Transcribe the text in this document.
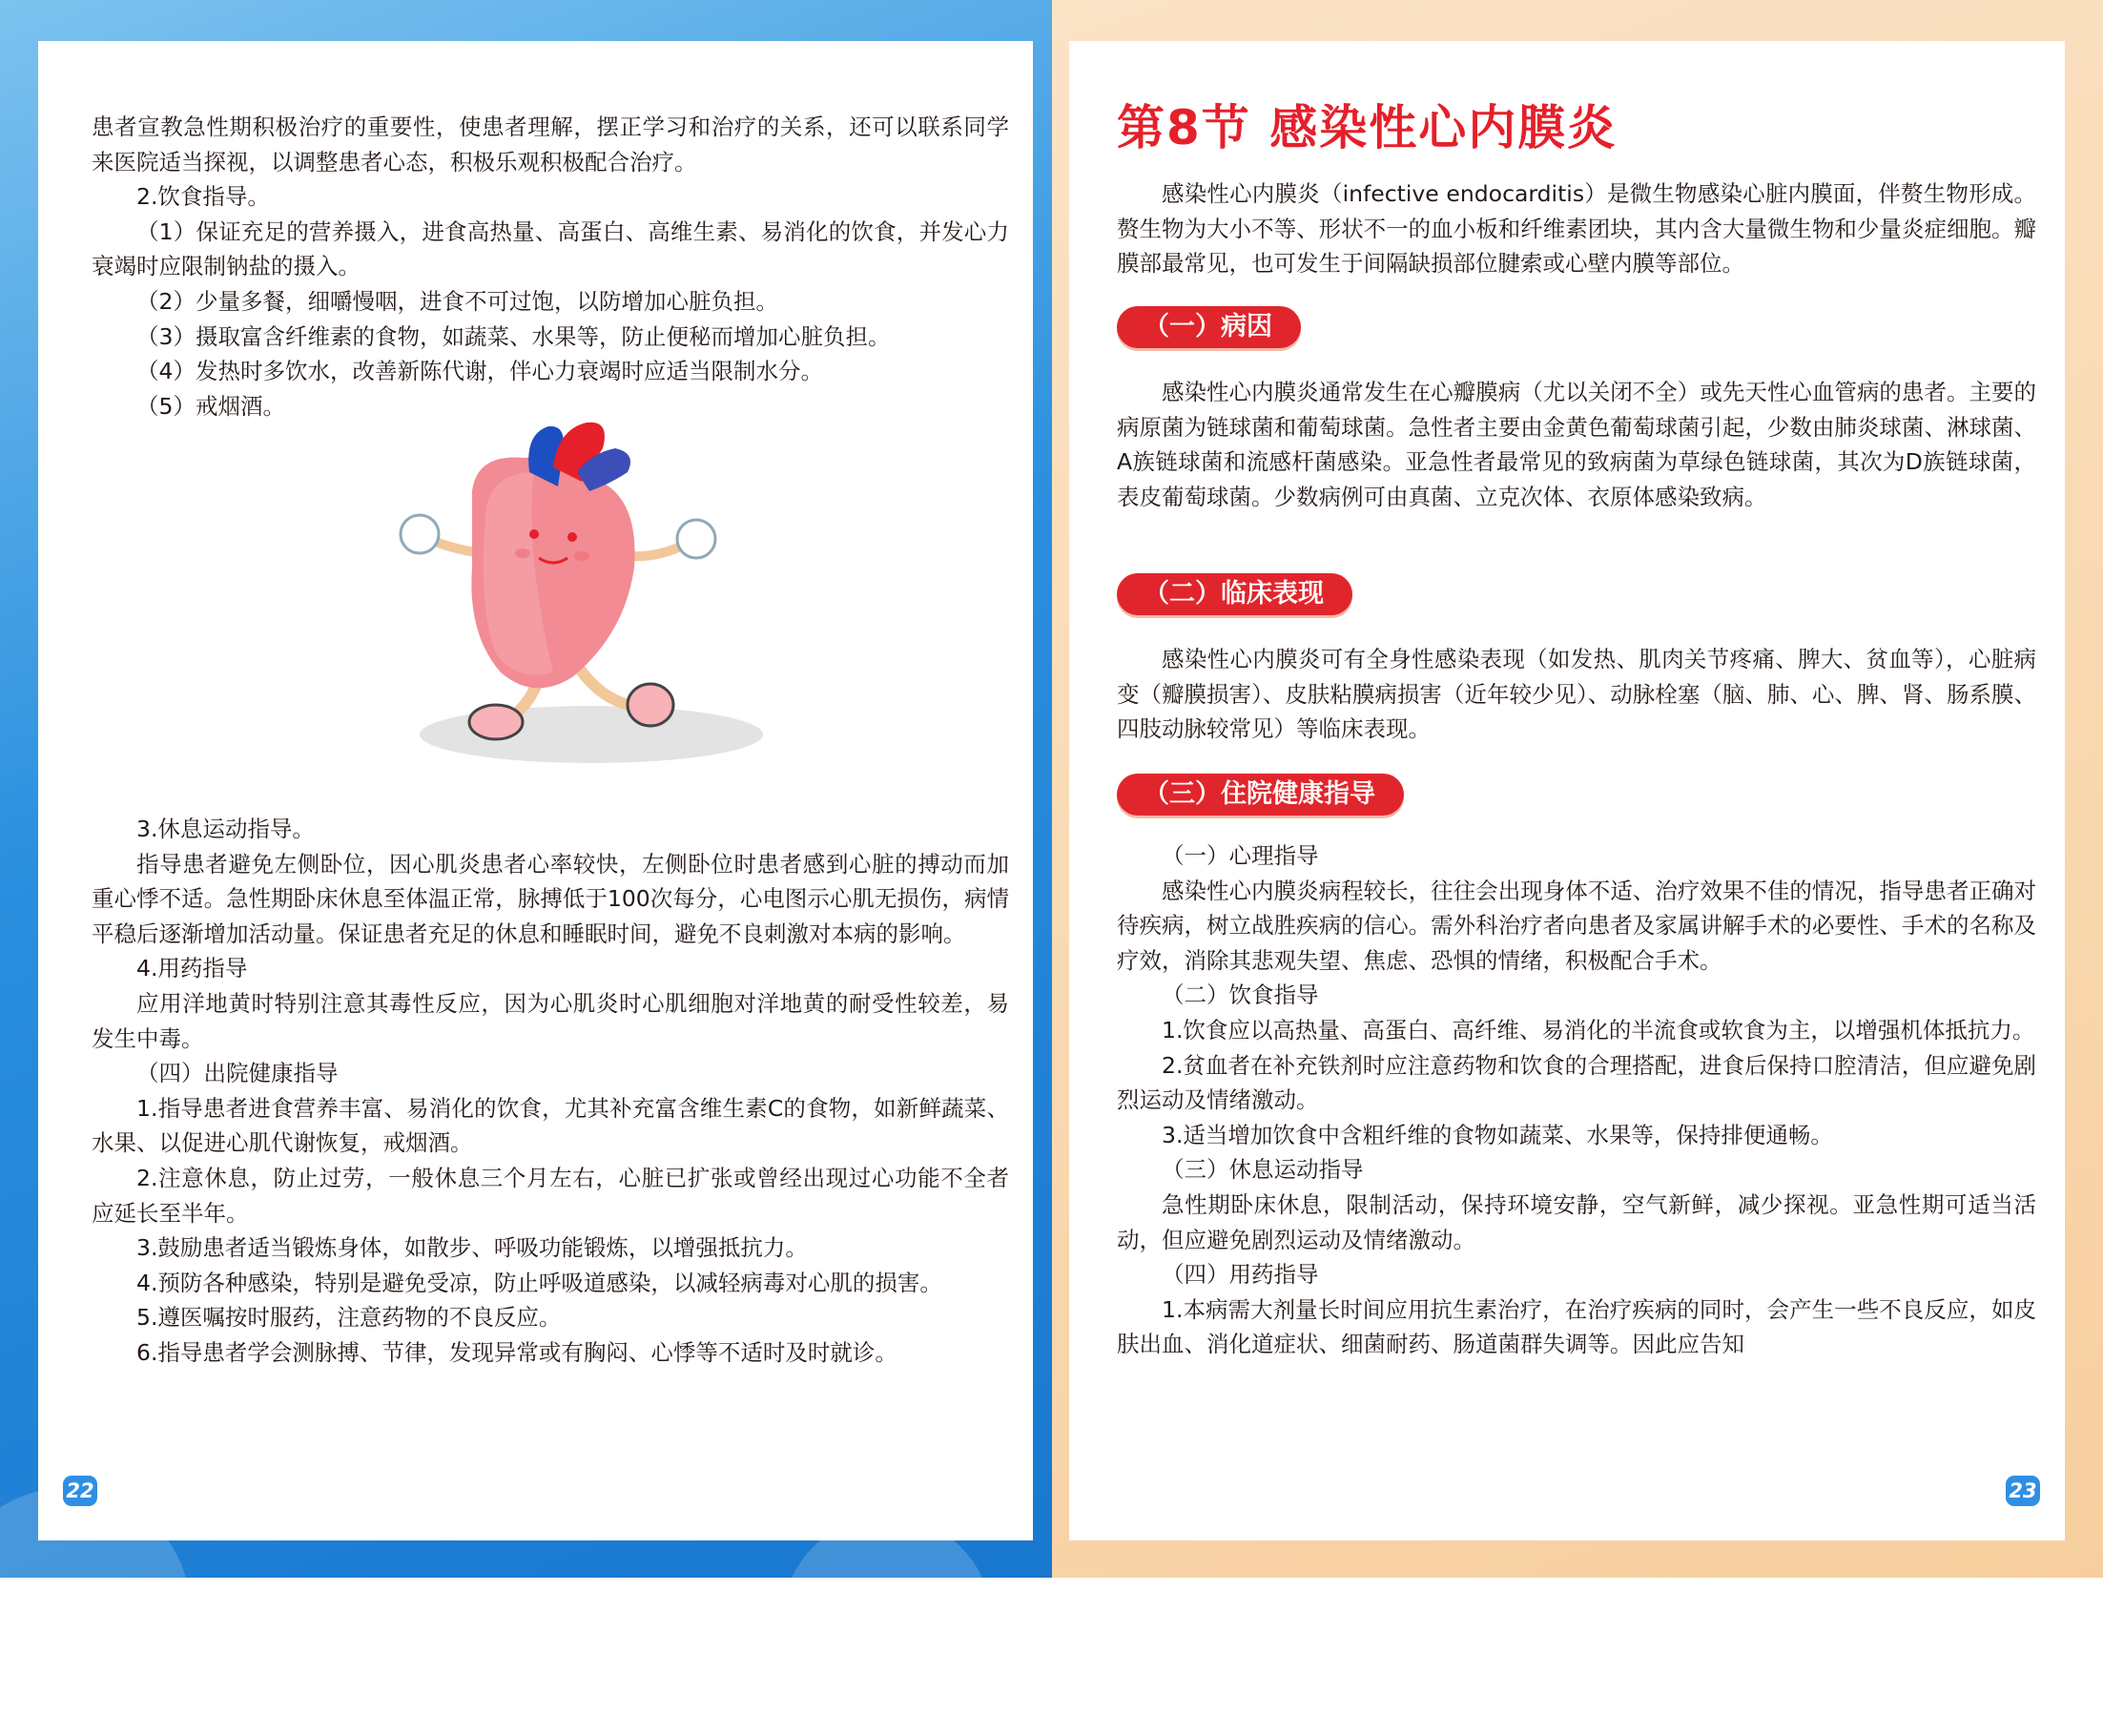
患者宣教急性期积极治疗的重要性，使患者理解，摆正学习和治疗的关系，还可以联系同学来医院适当探视，以调整患者心态，积极乐观积极配合治疗。

2.饮食指导。

（1）保证充足的营养摄入，进食高热量、高蛋白、高维生素、易消化的饮食，并发心力衰竭时应限制钠盐的摄入。

（2）少量多餐，细嚼慢咽，进食不可过饱，以防增加心脏负担。

（3）摄取富含纤维素的食物，如蔬菜、水果等，防止便秘而增加心脏负担。

（4）发热时多饮水，改善新陈代谢，伴心力衰竭时应适当限制水分。

（5）戒烟酒。

3.休息运动指导。

指导患者避免左侧卧位，因心肌炎患者心率较快，左侧卧位时患者感到心脏的搏动而加重心悸不适。急性期卧床休息至体温正常，脉搏低于100次每分，心电图示心肌无损伤，病情平稳后逐渐增加活动量。保证患者充足的休息和睡眠时间，避免不良刺激对本病的影响。

4.用药指导

应用洋地黄时特别注意其毒性反应，因为心肌炎时心肌细胞对洋地黄的耐受性较差，易发生中毒。

（四）出院健康指导

1.指导患者进食营养丰富、易消化的饮食，尤其补充富含维生素C的食物，如新鲜蔬菜、水果、以促进心肌代谢恢复，戒烟酒。

2.注意休息，防止过劳，一般休息三个月左右，心脏已扩张或曾经出现过心功能不全者应延长至半年。

3.鼓励患者适当锻炼身体，如散步、呼吸功能锻炼，以增强抵抗力。

4.预防各种感染，特别是避免受凉，防止呼吸道感染，以减轻病毒对心肌的损害。

5.遵医嘱按时服药，注意药物的不良反应。

6.指导患者学会测脉搏、节律，发现异常或有胸闷、心悸等不适时及时就诊。

22
第8节 感染性心内膜炎

感染性心内膜炎（infective endocarditis）是微生物感染心脏内膜面，伴赘生物形成。赘生物为大小不等、形状不一的血小板和纤维素团块，其内含大量微生物和少量炎症细胞。瓣膜部最常见，也可发生于间隔缺损部位腱索或心壁内膜等部位。

（一）病因

感染性心内膜炎通常发生在心瓣膜病（尤以关闭不全）或先天性心血管病的患者。主要的病原菌为链球菌和葡萄球菌。急性者主要由金黄色葡萄球菌引起，少数由肺炎球菌、淋球菌、A族链球菌和流感杆菌感染。亚急性者最常见的致病菌为草绿色链球菌，其次为D族链球菌，表皮葡萄球菌。少数病例可由真菌、立克次体、衣原体感染致病。

（二）临床表现

感染性心内膜炎可有全身性感染表现（如发热、肌肉关节疼痛、脾大、贫血等），心脏病变（瓣膜损害）、皮肤粘膜病损害（近年较少见）、动脉栓塞（脑、肺、心、脾、肾、肠系膜、四肢动脉较常见）等临床表现。

（三）住院健康指导

（一）心理指导

感染性心内膜炎病程较长，往往会出现身体不适、治疗效果不佳的情况，指导患者正确对待疾病，树立战胜疾病的信心。需外科治疗者向患者及家属讲解手术的必要性、手术的名称及疗效，消除其悲观失望、焦虑、恐惧的情绪，积极配合手术。

（二）饮食指导

1.饮食应以高热量、高蛋白、高纤维、易消化的半流食或软食为主，以增强机体抵抗力。

2.贫血者在补充铁剂时应注意药物和饮食的合理搭配，进食后保持口腔清洁，但应避免剧烈运动及情绪激动。

3.适当增加饮食中含粗纤维的食物如蔬菜、水果等，保持排便通畅。

（三）休息运动指导

急性期卧床休息，限制活动，保持环境安静，空气新鲜，减少探视。亚急性期可适当活动，但应避免剧烈运动及情绪激动。

（四）用药指导

1.本病需大剂量长时间应用抗生素治疗，在治疗疾病的同时，会产生一些不良反应，如皮肤出血、消化道症状、细菌耐药、肠道菌群失调等。因此应告知

23
